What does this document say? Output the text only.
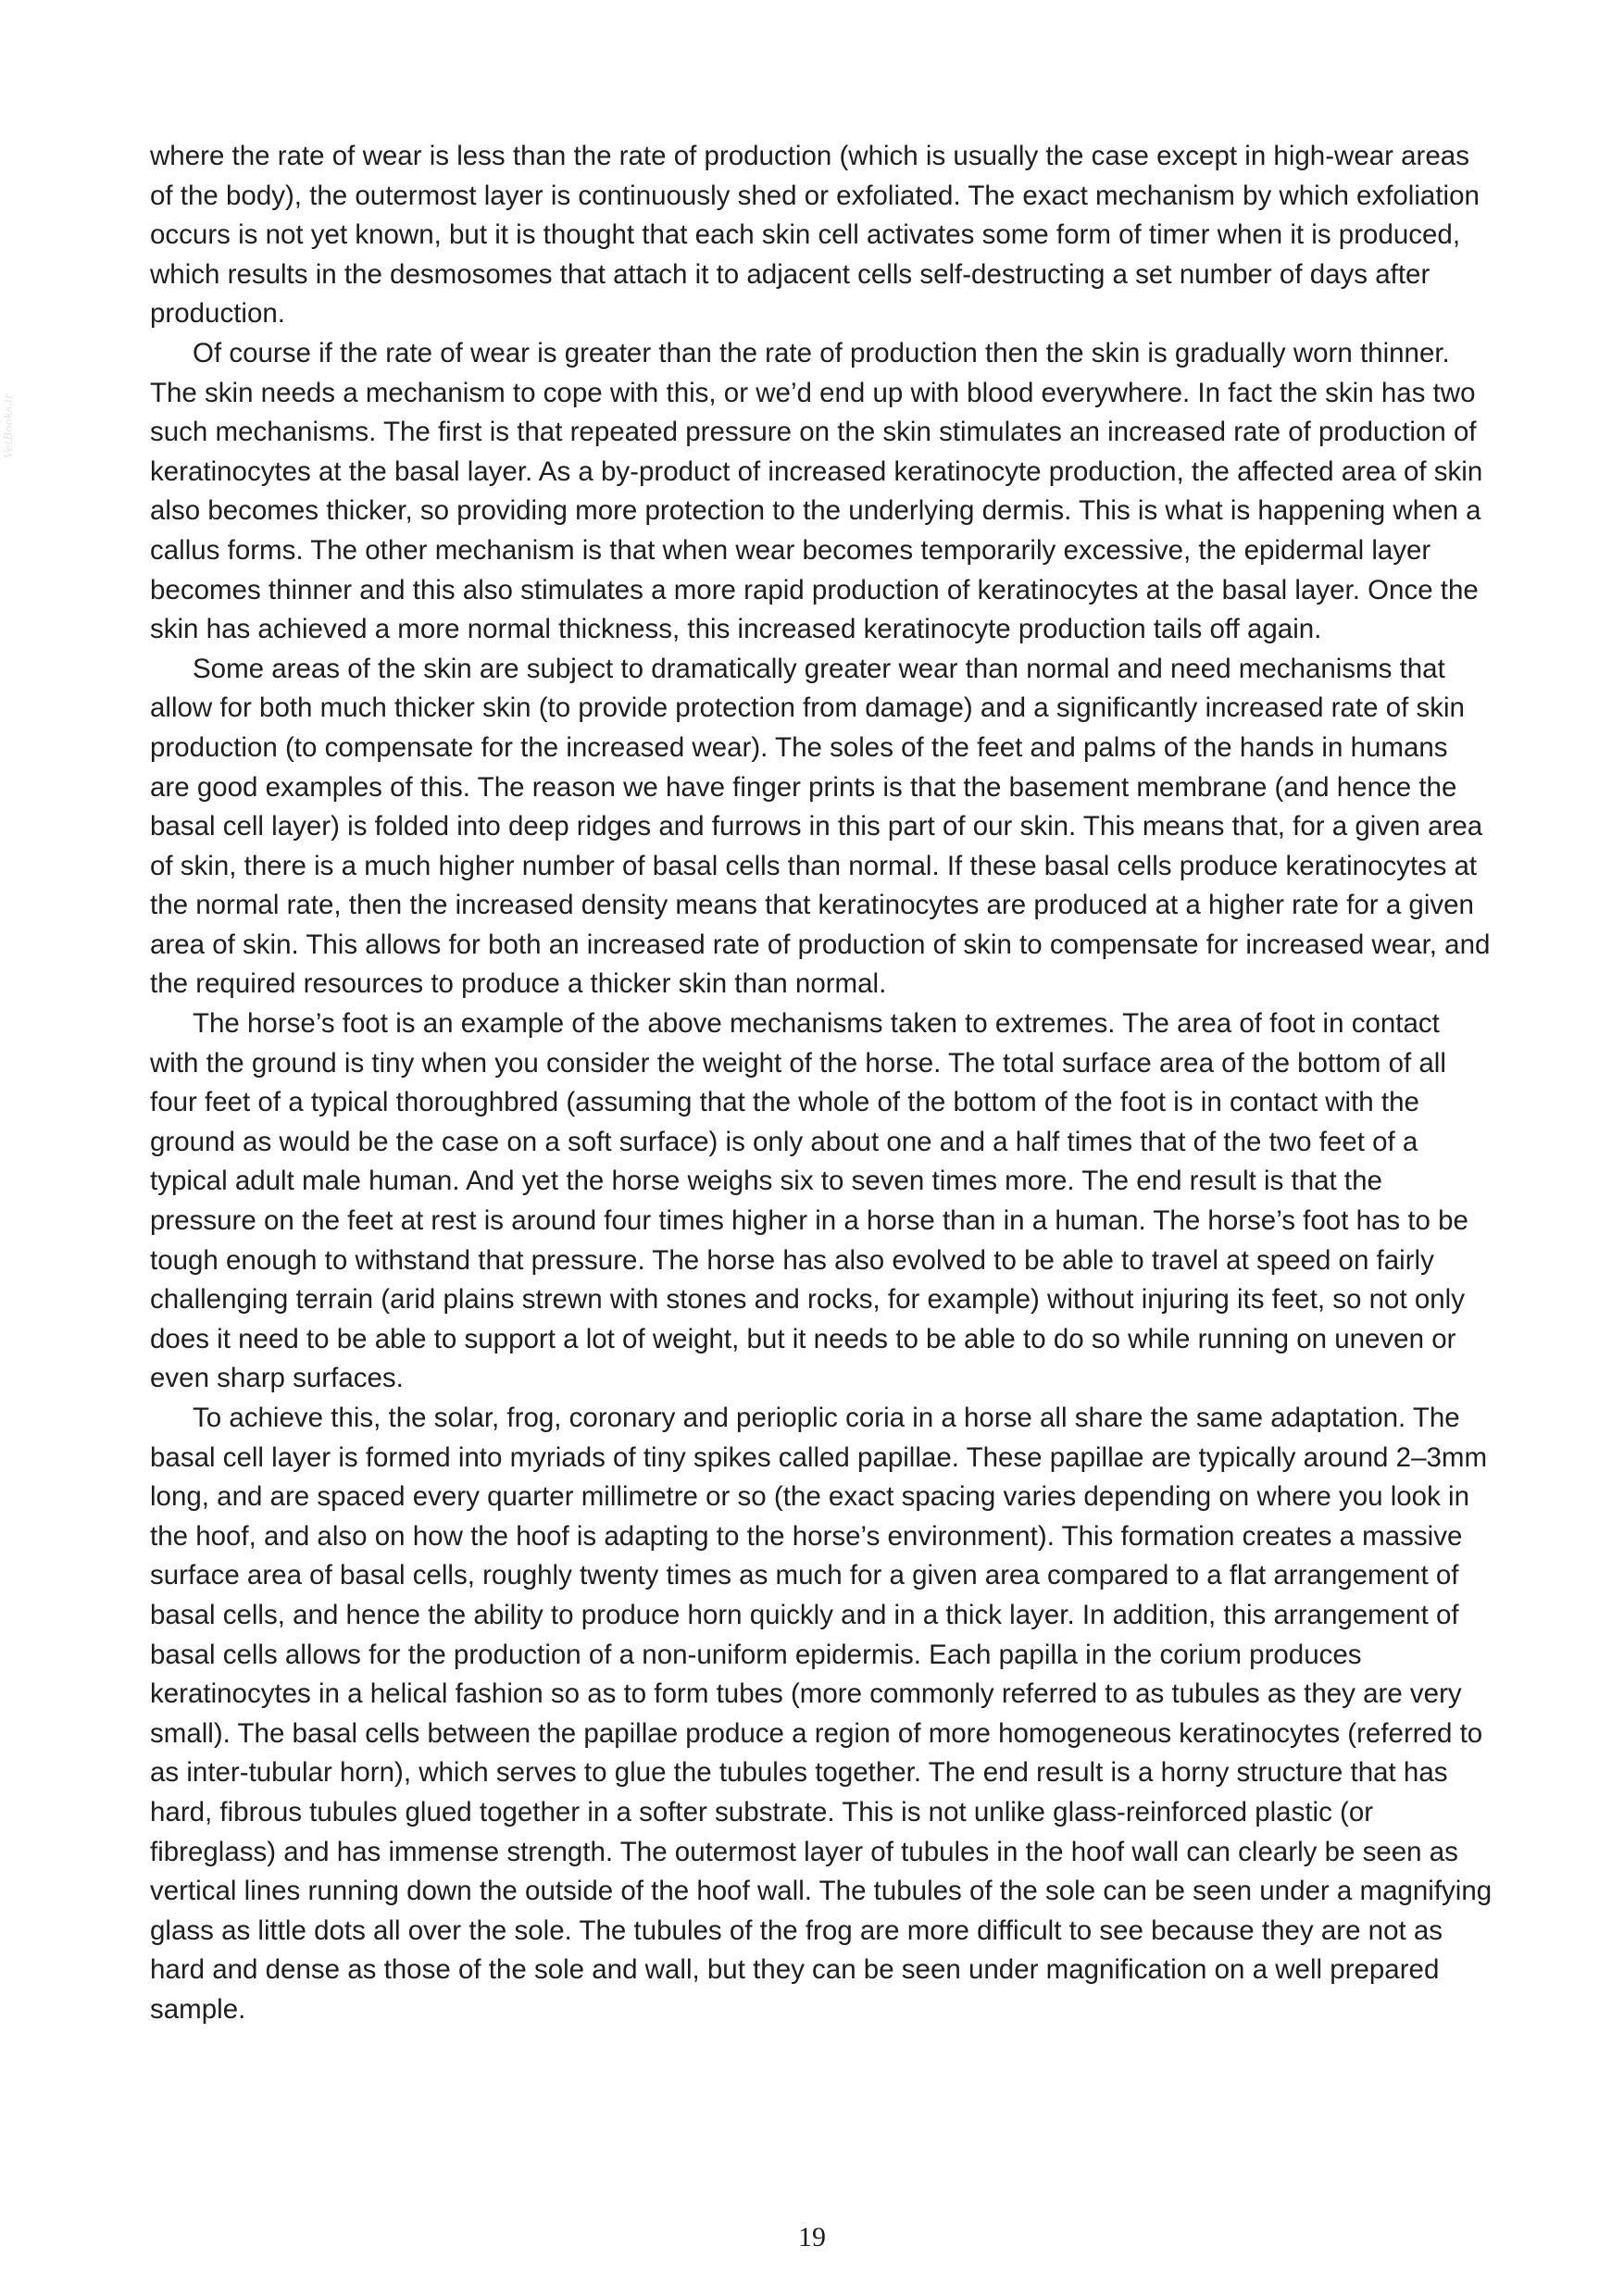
VetBooks.ir

where the rate of wear is less than the rate of production (which is usually the case except in high-wear areas of the body), the outermost layer is continuously shed or exfoliated. The exact mechanism by which exfoliation occurs is not yet known, but it is thought that each skin cell activates some form of timer when it is produced, which results in the desmosomes that attach it to adjacent cells self-destructing a set number of days after production.

Of course if the rate of wear is greater than the rate of production then the skin is gradually worn thinner. The skin needs a mechanism to cope with this, or we’d end up with blood everywhere. In fact the skin has two such mechanisms. The first is that repeated pressure on the skin stimulates an increased rate of production of keratinocytes at the basal layer. As a by-product of increased keratinocyte production, the affected area of skin also becomes thicker, so providing more protection to the underlying dermis. This is what is happening when a callus forms. The other mechanism is that when wear becomes temporarily excessive, the epidermal layer becomes thinner and this also stimulates a more rapid production of keratinocytes at the basal layer. Once the skin has achieved a more normal thickness, this increased keratinocyte production tails off again.

Some areas of the skin are subject to dramatically greater wear than normal and need mechanisms that allow for both much thicker skin (to provide protection from damage) and a significantly increased rate of skin production (to compensate for the increased wear). The soles of the feet and palms of the hands in humans are good examples of this. The reason we have finger prints is that the basement membrane (and hence the basal cell layer) is folded into deep ridges and furrows in this part of our skin. This means that, for a given area of skin, there is a much higher number of basal cells than normal. If these basal cells produce keratinocytes at the normal rate, then the increased density means that keratinocytes are produced at a higher rate for a given area of skin. This allows for both an increased rate of production of skin to compensate for increased wear, and the required resources to produce a thicker skin than normal.

The horse’s foot is an example of the above mechanisms taken to extremes. The area of foot in contact with the ground is tiny when you consider the weight of the horse. The total surface area of the bottom of all four feet of a typical thoroughbred (assuming that the whole of the bottom of the foot is in contact with the ground as would be the case on a soft surface) is only about one and a half times that of the two feet of a typical adult male human. And yet the horse weighs six to seven times more. The end result is that the pressure on the feet at rest is around four times higher in a horse than in a human. The horse’s foot has to be tough enough to withstand that pressure. The horse has also evolved to be able to travel at speed on fairly challenging terrain (arid plains strewn with stones and rocks, for example) without injuring its feet, so not only does it need to be able to support a lot of weight, but it needs to be able to do so while running on uneven or even sharp surfaces.

To achieve this, the solar, frog, coronary and perioplic coria in a horse all share the same adaptation. The basal cell layer is formed into myriads of tiny spikes called papillae. These papillae are typically around 2–3mm long, and are spaced every quarter millimetre or so (the exact spacing varies depending on where you look in the hoof, and also on how the hoof is adapting to the horse’s environment). This formation creates a massive surface area of basal cells, roughly twenty times as much for a given area compared to a flat arrangement of basal cells, and hence the ability to produce horn quickly and in a thick layer. In addition, this arrangement of basal cells allows for the production of a non-uniform epidermis. Each papilla in the corium produces keratinocytes in a helical fashion so as to form tubes (more commonly referred to as tubules as they are very small). The basal cells between the papillae produce a region of more homogeneous keratinocytes (referred to as inter-tubular horn), which serves to glue the tubules together. The end result is a horny structure that has hard, fibrous tubules glued together in a softer substrate. This is not unlike glass-reinforced plastic (or fibreglass) and has immense strength. The outermost layer of tubules in the hoof wall can clearly be seen as vertical lines running down the outside of the hoof wall. The tubules of the sole can be seen under a magnifying glass as little dots all over the sole. The tubules of the frog are more difficult to see because they are not as hard and dense as those of the sole and wall, but they can be seen under magnification on a well prepared sample.

19
